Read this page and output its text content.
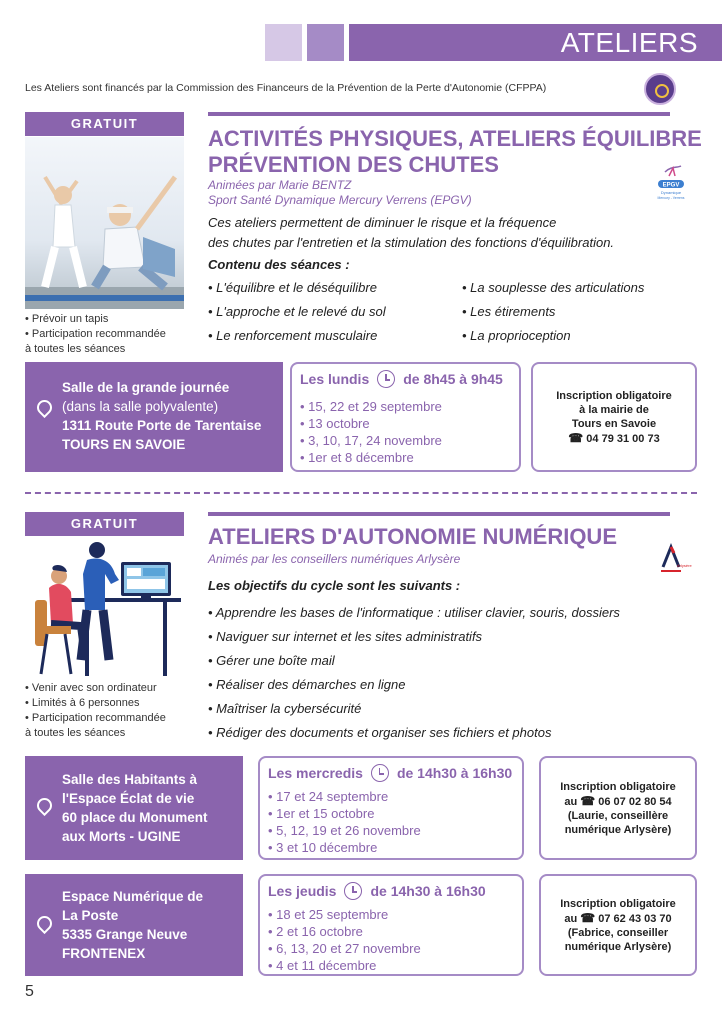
ATELIERS
Les Ateliers sont financés par la Commission des Financeurs de la Prévention de la Perte d'Autonomie (CFPPA)
GRATUIT
ACTIVITÉS PHYSIQUES, ATELIERS ÉQUILIBRE
PRÉVENTION DES CHUTES
Animées par Marie BENTZ
Sport Santé Dynamique Mercury Verrens (EPGV)
EPGV
Dynamique
Mercury - Verrens
Ces ateliers permettent de diminuer le risque et la fréquence
des chutes par l'entretien et la stimulation des fonctions d'équilibration.
Contenu des séances :
• L'équilibre et le déséquilibre
• L'approche et le relevé du sol
• Le renforcement musculaire
• La souplesse des articulations
• Les étirements
• La proprioception
• Prévoir un tapis
• Participation recommandée
à toutes les séances
Salle de la grande journée
(dans la salle polyvalente)
1311 Route Porte de Tarentaise
TOURS EN SAVOIE
Les lundis de 8h45 à 9h45
• 15, 22 et 29 septembre
• 13 octobre
• 3, 10, 17, 24 novembre
• 1er et 8 décembre
Inscription obligatoire
à la mairie de
Tours en Savoie
☎ 04 79 31 00 73
GRATUIT
ATELIERS D'AUTONOMIE NUMÉRIQUE
Animés par les conseillers numériques Arlysère	Arlysère
Les objectifs du cycle sont les suivants :
• Apprendre les bases de l'informatique : utiliser clavier, souris, dossiers
• Naviguer sur internet et les sites administratifs
• Gérer une boîte mail
• Réaliser des démarches en ligne
• Maîtriser la cybersécurité
• Rédiger des documents et organiser ses fichiers et photos
• Venir avec son ordinateur
• Limités à 6 personnes
• Participation recommandée
à toutes les séances
Salle des Habitants à
l'Espace Éclat de vie
60 place du Monument
aux Morts - UGINE
Les mercredis de 14h30 à 16h30
• 17 et 24 septembre
• 1er et 15 octobre
• 5, 12, 19 et 26 novembre
• 3 et 10 décembre
Inscription obligatoire
au ☎ 06 07 02 80 54
(Laurie, conseillère
numérique Arlysère)
Espace Numérique de
La Poste
5335 Grange Neuve
FRONTENEX
Les jeudis de 14h30 à 16h30
• 18 et 25 septembre
• 2 et 16 octobre
• 6, 13, 20 et 27 novembre
• 4 et 11 décembre
Inscription obligatoire
au ☎ 07 62 43 03 70
(Fabrice, conseiller
numérique Arlysère)
5
